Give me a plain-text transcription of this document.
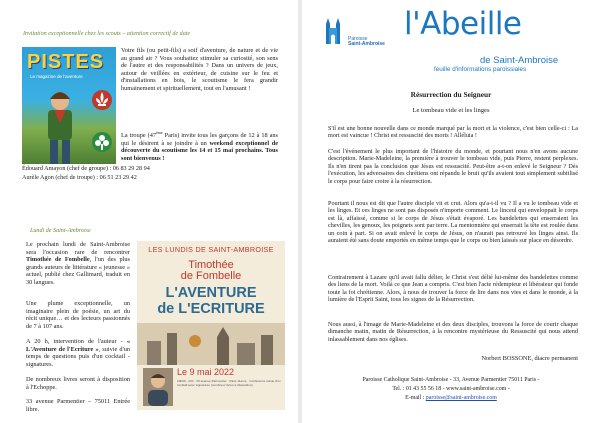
Invitation exceptionnelle chez les scouts – attention correctif de date
PISTES
Le magazine de l'aventure

Votre fils (ou petit-fils) a soif d'aventure, de nature et de vie au grand air ? Vous souhaitez stimuler sa curiosité, son sens de l'autre et des responsabilités ? Dans un univers de jeux, autour de veillées en extérieur, de cuisine sur le feu et d'installations en bois, le scoutisme le fera grandir humainement et spirituellement, tout en l'amusant !

La troupe (47ème Paris) invite tous les garçons de 12 à 18 ans qui le désirent à se joindre à un weekend exceptionnel de découverte du scoutisme les 14 et 15 mai prochains. Tous sont bienvenus !

Édouard Amayon (chef de groupe) : 06 83 29 28 94
Aurèle Agon (chef de troupe) : 06 51 23 29 42
Lundi de Saint-Ambroise

Le prochain lundi de Saint-Ambroise sera l'occasion rare de rencontrer Timothée de Fombelle, l'un des plus grands auteurs de littérature « jeunesse » actuel, publié chez Gallimard, traduit en 30 langues.

Une plume exceptionnelle, un imaginaire plein de poésie, un art du récit unique… et des lecteurs passionnés de 7 à 107 ans.

A 20 h, intervention de l'auteur - « L'Aventure de l'Ecriture », suivie d'un temps de questions puis d'un cocktail - signatures.

De nombreux livres seront à disposition à l'Echoppe.

33 avenue Parmentier – 75011 Entrée libre.

LES LUNDIS DE SAINT-AMBROISE
Timothée
de Fombelle
L'AVENTURE
de L'ECRITURE
Le 9 mai 2022
20h00 - 22h · 33 avenue Parmentier · Paris 11ème · Conférence suivie d'un cocktail avec signatures (nombreux livres à disposition)
Paroisse
Saint-Ambroise
l'Abeille
de Saint-Ambroise
feuille d'informations paroissiales
Résurrection du Seigneur
Le tombeau vide et les linges

S'il est une bonne nouvelle dans ce monde marqué par la mort et la violence, c'est bien celle-ci : La mort est vaincue ! Christ est ressuscité des morts ! Alléluia !

C'est l'événement le plus important de l'histoire du monde, et pourtant nous n'en avons aucune description. Marie-Madeleine, la première à trouver le tombeau vide, puis Pierre, restent perplexes. Ils n'en tirent pas la conclusion que Jésus est ressuscité. Peut-être a-t-on enlevé le Seigneur ? Dès l'exécution, les adversaires des chrétiens ont répandu le bruit qu'ils avaient tout simplement subtilisé le corps pour faire croire à la résurrection.

Pourtant il nous est dit que l'autre disciple vit et crut. Alors qu'a-t-il vu ? Il a vu le tombeau vide et les linges. Et ces linges ne sont pas disposés n'importe comment. Le linceul qui enveloppait le corps est là, affaissé, comme si le corps de Jésus s'était évaporé. Les bandelettes qui enserraient les chevilles, les genoux, les poignets sont par terre. La mentonnière qui enserrait la tête est roulée dans un coin à part. Si on avait enlevé le corps de Jésus, on n'aurait pas retrouvé les linges ainsi. Ils auraient été sans doute emportés en même temps que le corps ou bien laissés sur place en désordre.

Contrairement à Lazare qu'il avait fallu délier, le Christ s'est délié lui-même des bandelettes comme des liens de la mort. Voilà ce que Jean a compris. C'est bien l'acte rédempteur et libérateur qui fonde toute la foi chrétienne. Alors, à nous de trouver la force de lire dans nos vies et dans le monde, à la lumière de l'Esprit Saint, tous les signes de la Résurrection.

Nous aussi, à l'image de Marie-Madeleine et des deux disciples, trouvons la force de courir chaque dimanche matin, matin de Résurrection, à la rencontre mystérieuse du Ressuscité qui nous attend inlassablement dans nos églises.

Norbert BOSSONE, diacre permanent
Paroisse Catholique Saint-Ambroise - 33, Avenue Parmentier 75011 Paris -
Tel. : 01 43 55 56 18 - www.saint-ambroise.com -
E-mail : paroisse@saint-ambroise.com
